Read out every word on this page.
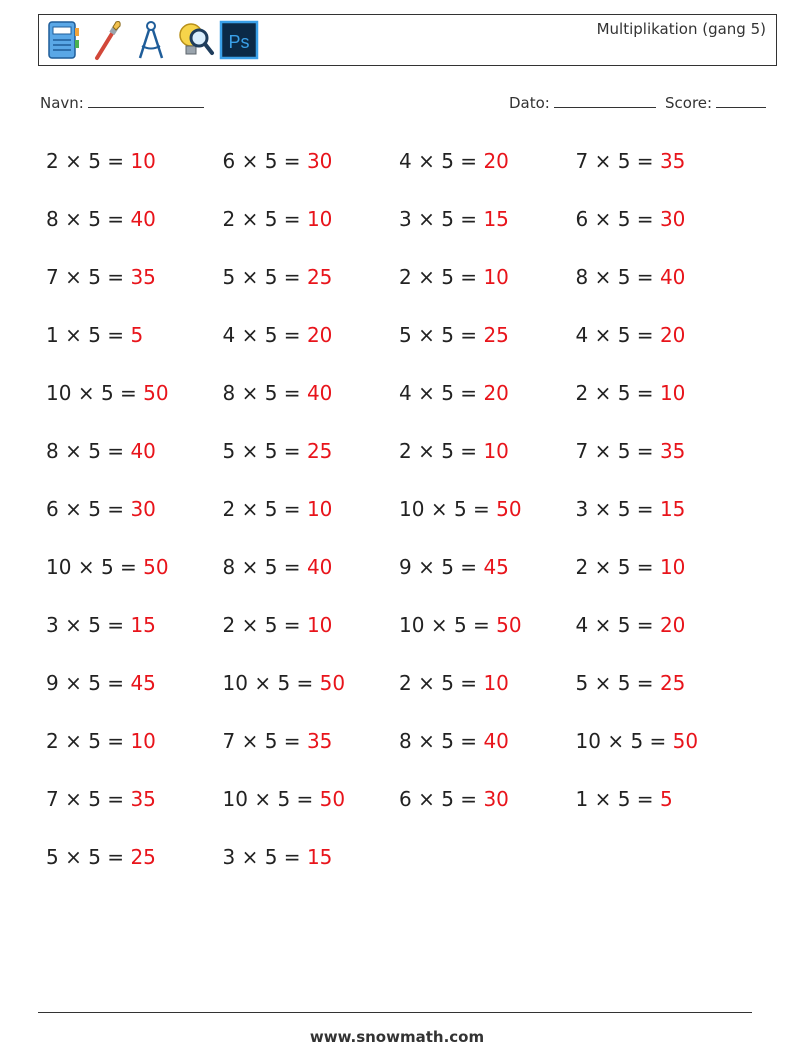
Ps
Multiplikation (gang 5)
Navn:	Dato:	Score:
2 × 5 = 10	6 × 5 = 30	4 × 5 = 20	7 × 5 = 35
8 × 5 = 40	2 × 5 = 10	3 × 5 = 15	6 × 5 = 30
7 × 5 = 35	5 × 5 = 25	2 × 5 = 10	8 × 5 = 40
1 × 5 = 5	4 × 5 = 20	5 × 5 = 25	4 × 5 = 20
10 × 5 = 50	8 × 5 = 40	4 × 5 = 20	2 × 5 = 10
8 × 5 = 40	5 × 5 = 25	2 × 5 = 10	7 × 5 = 35
6 × 5 = 30	2 × 5 = 10	10 × 5 = 50	3 × 5 = 15
10 × 5 = 50	8 × 5 = 40	9 × 5 = 45	2 × 5 = 10
3 × 5 = 15	2 × 5 = 10	10 × 5 = 50	4 × 5 = 20
9 × 5 = 45	10 × 5 = 50	2 × 5 = 10	5 × 5 = 25
2 × 5 = 10	7 × 5 = 35	8 × 5 = 40	10 × 5 = 50
7 × 5 = 35	10 × 5 = 50	6 × 5 = 30	1 × 5 = 5
5 × 5 = 25	3 × 5 = 15
www.snowmath.com
